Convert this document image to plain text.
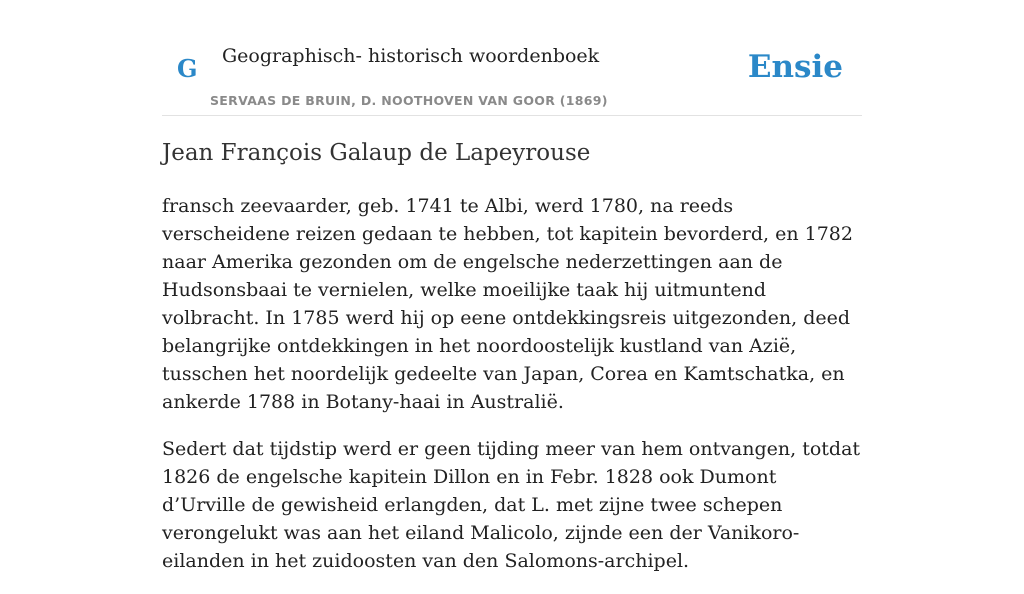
G Geographisch- historisch woordenboek
SERVAAS DE BRUIN, D. NOOTHOVEN VAN GOOR (1869)
Ensie
Jean François Galaup de Lapeyrouse

fransch zeevaarder, geb. 1741 te Albi, werd 1780, na reeds verscheidene reizen gedaan te hebben, tot kapitein bevorderd, en 1782 naar Amerika gezonden om de engelsche nederzettingen aan de Hudsonsbaai te vernielen, welke moeilijke taak hij uitmuntend volbracht. In 1785 werd hij op eene ontdekkingsreis uitgezonden, deed belangrijke ontdekkingen in het noordoostelijk kustland van Azië, tusschen het noordelijk gedeelte van Japan, Corea en Kamtschatka, en ankerde 1788 in Botany-haai in Australië.

Sedert dat tijdstip werd er geen tijding meer van hem ontvangen, totdat 1826 de engelsche kapitein Dillon en in Febr. 1828 ook Dumont d’Urville de gewisheid erlangden, dat L. met zijne twee schepen verongelukt was aan het eiland Malicolo, zijnde een der Vanikoro-eilanden in het zuidoosten van den Salomons-archipel.
